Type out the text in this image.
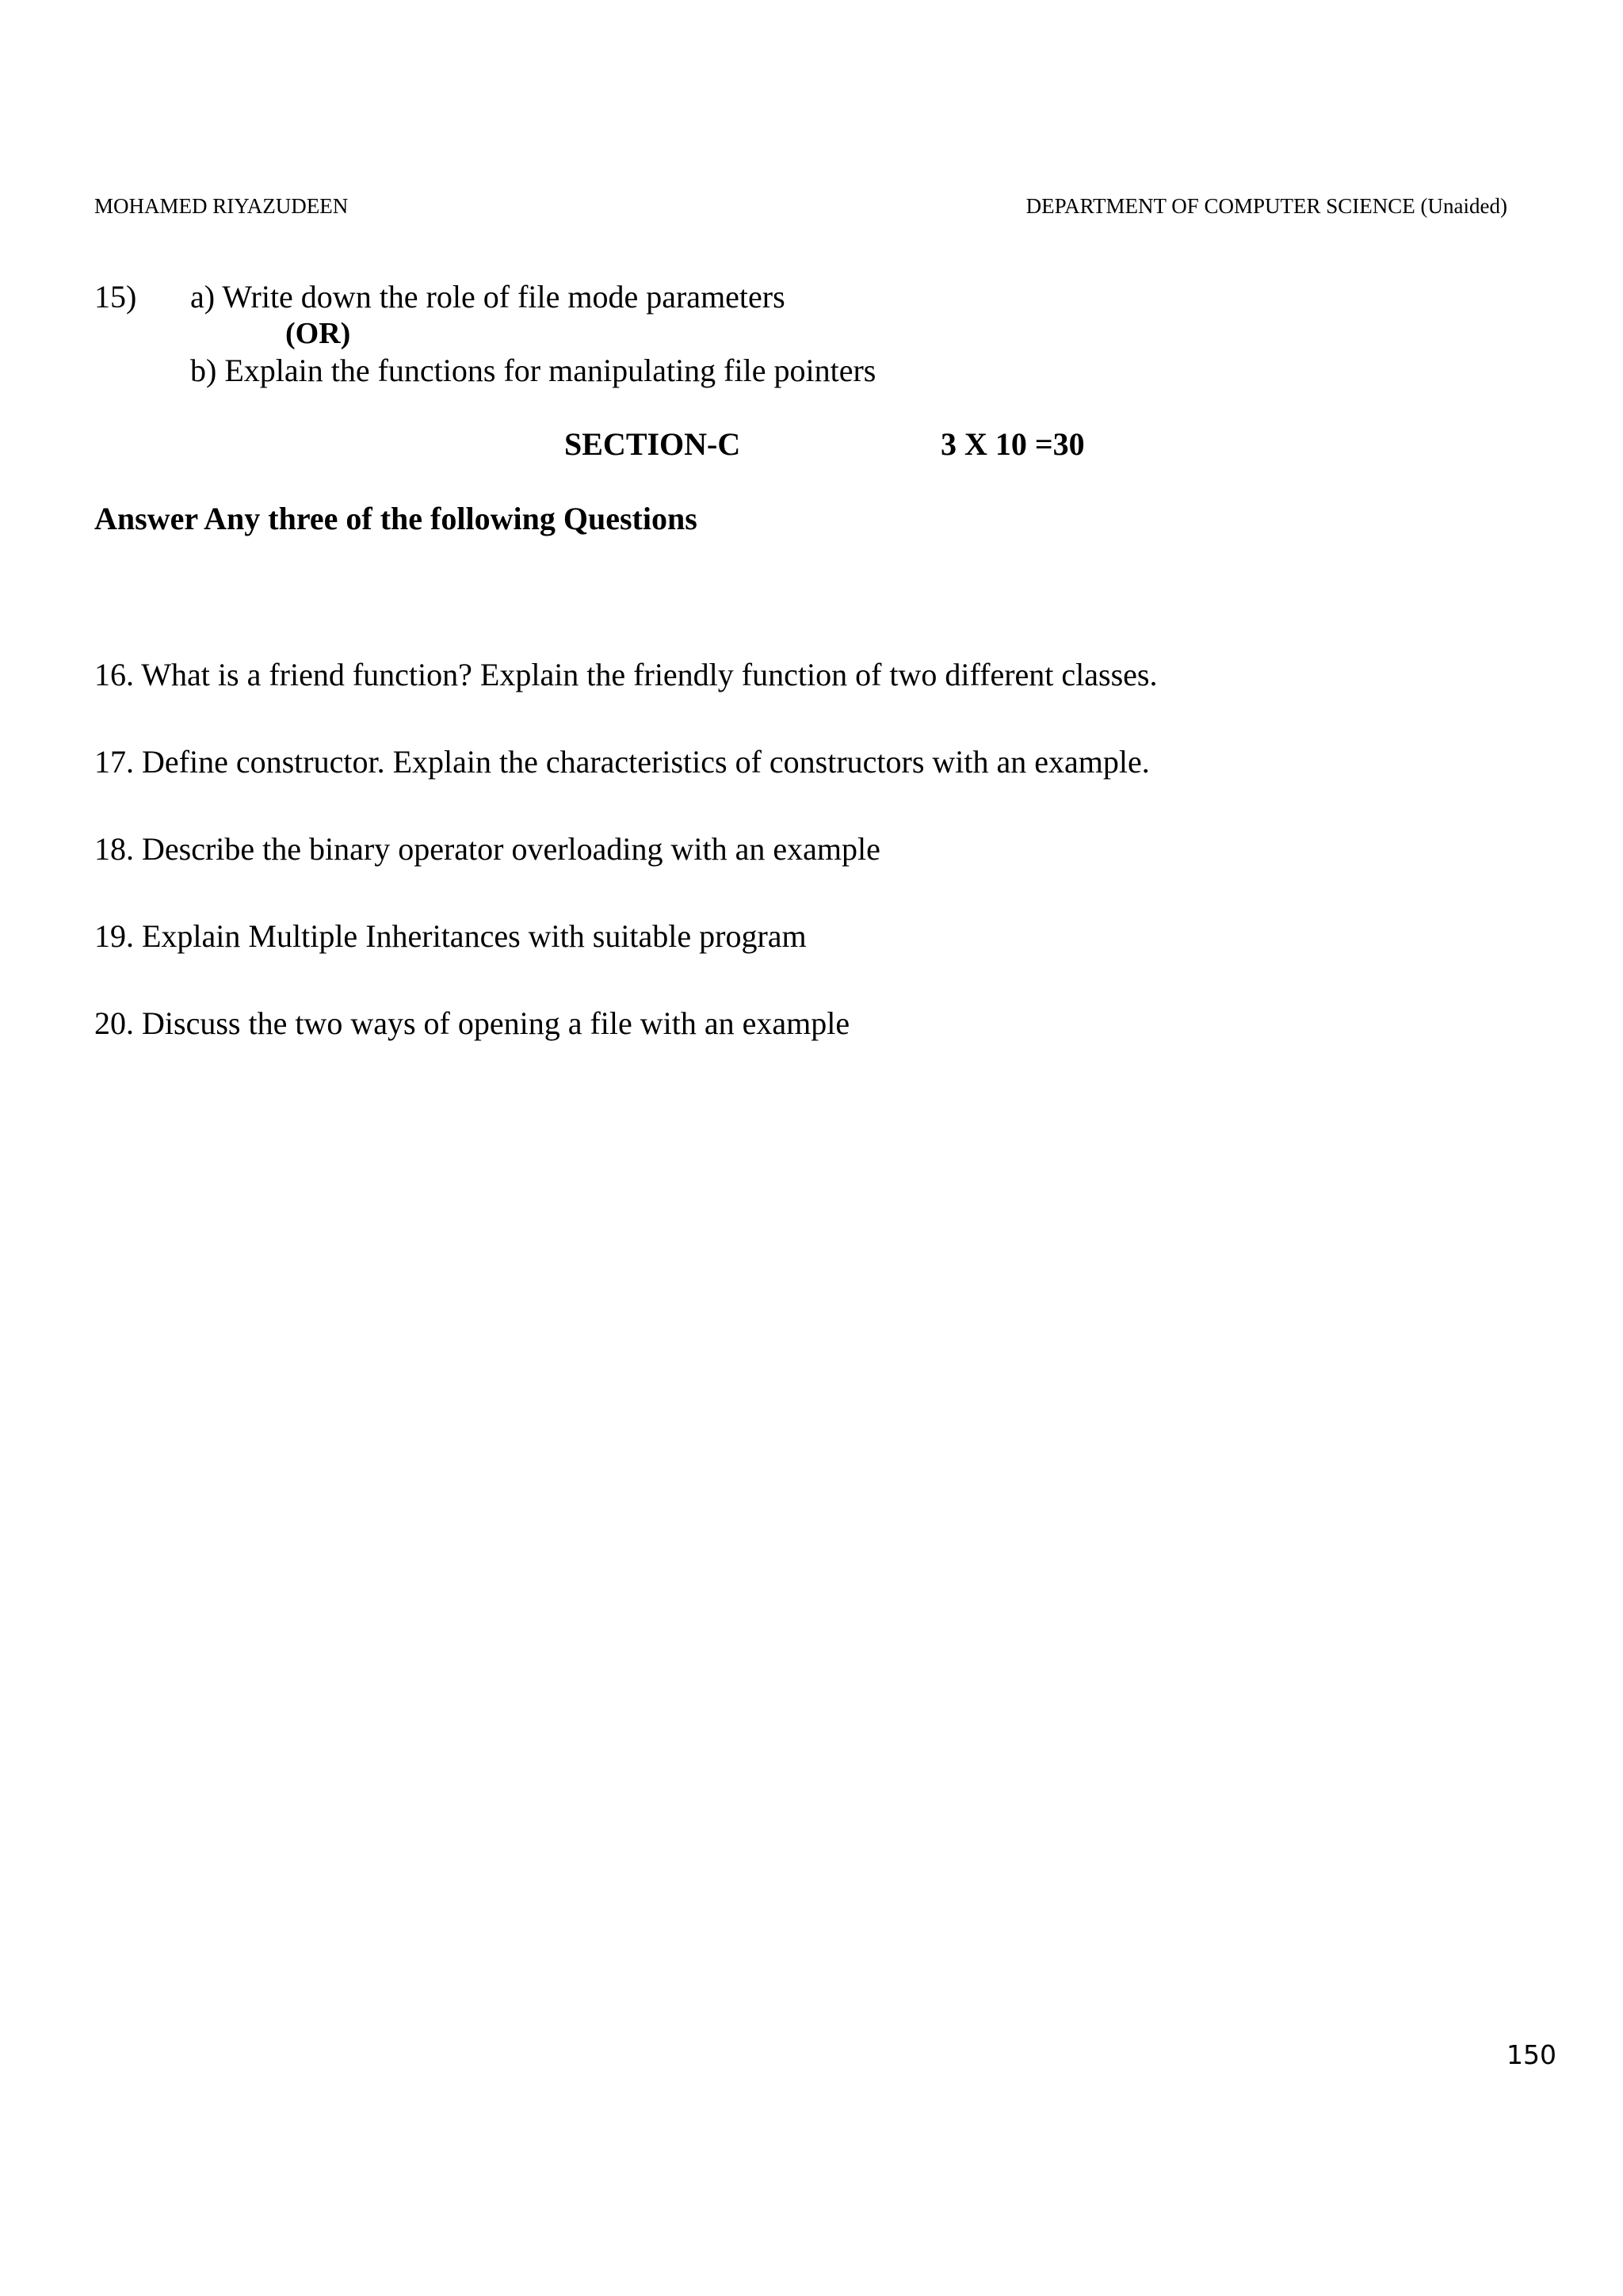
MOHAMED RIYAZUDEEN	DEPARTMENT OF COMPUTER SCIENCE (Unaided)
15) a) Write down the role of file mode parameters
(OR)
b) Explain the functions for manipulating file pointers
SECTION-C	3 X 10 =30
Answer Any three of the following Questions
16. What is a friend function? Explain the friendly function of two different classes.
17. Define constructor. Explain the characteristics of constructors with an example.
18. Describe the binary operator overloading with an example
19. Explain Multiple Inheritances with suitable program
20. Discuss the two ways of opening a file with an example
150
